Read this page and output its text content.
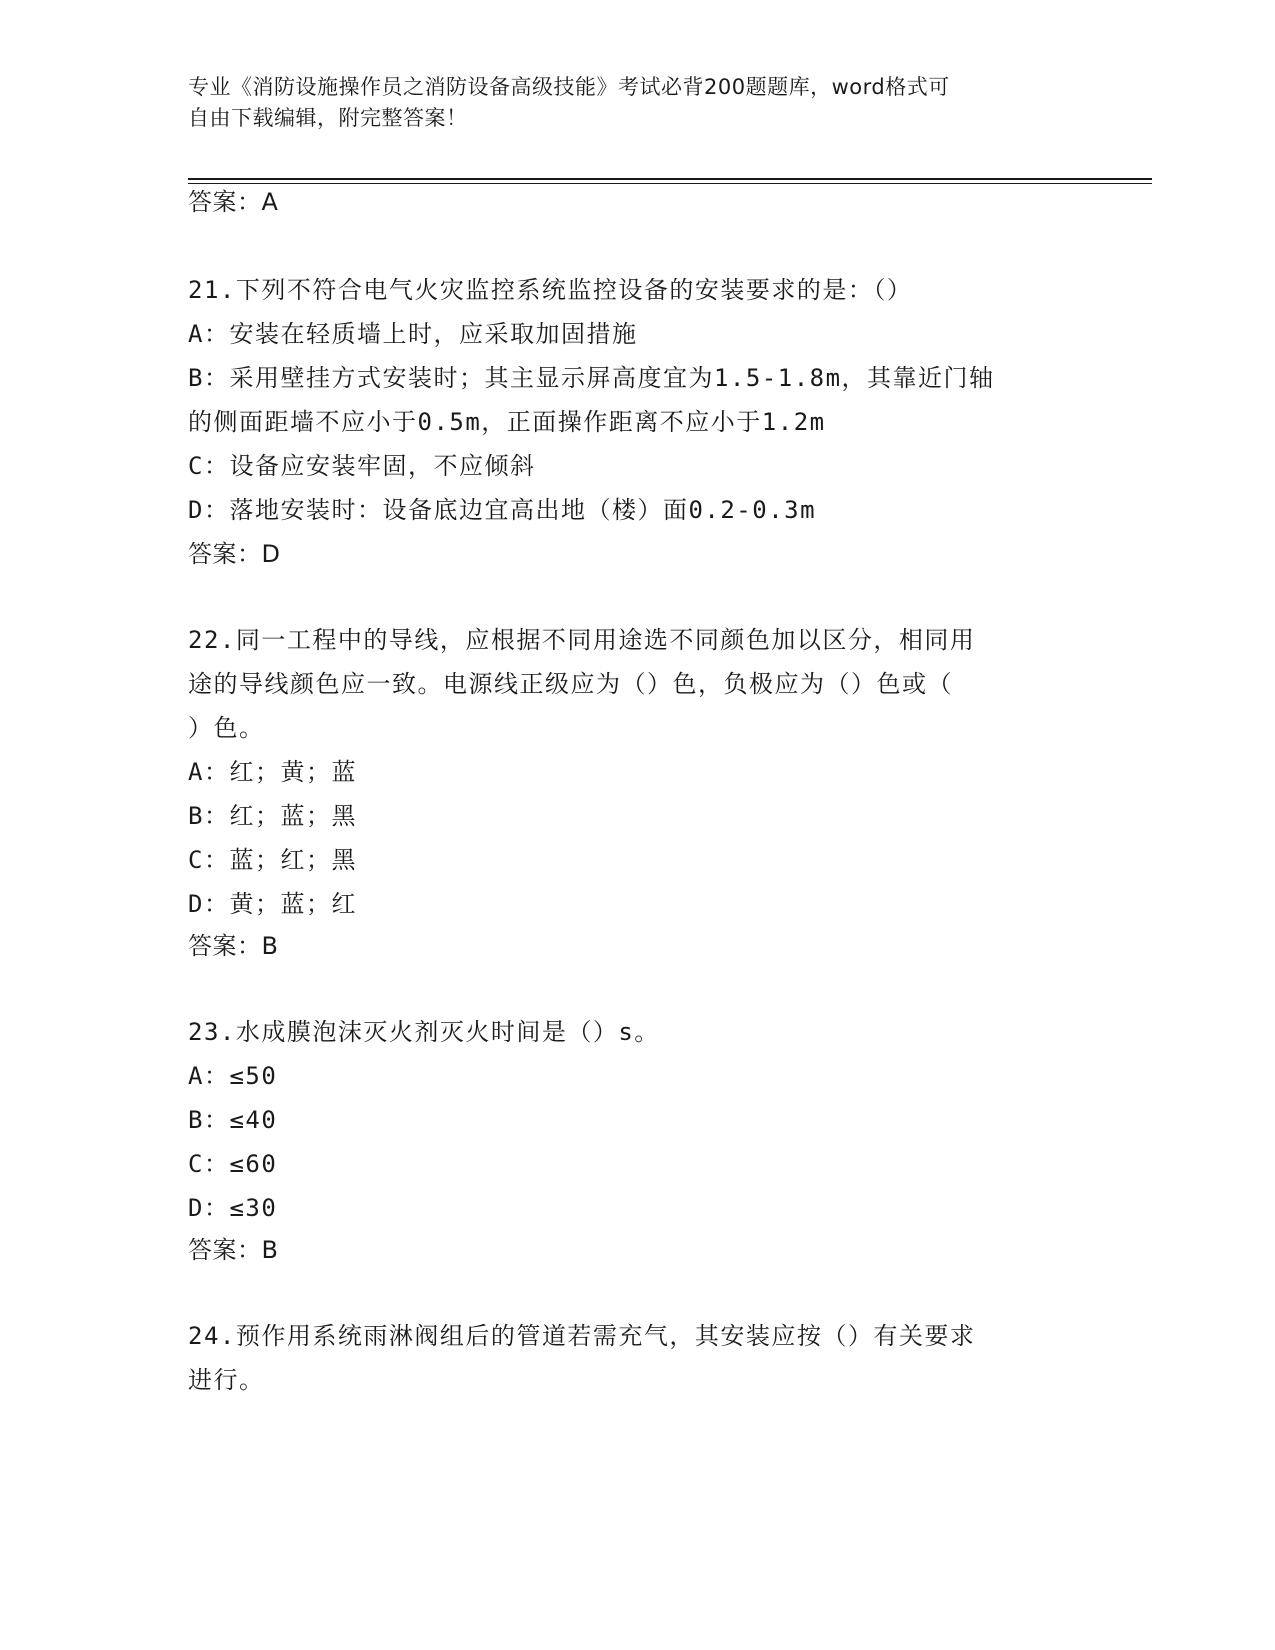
专业《消防设施操作员之消防设备高级技能》考试必背200题题库，word格式可
自由下载编辑，附完整答案！
答案：A
21.下列不符合电气火灾监控系统监控设备的安装要求的是：（）
A：安装在轻质墙上时，应采取加固措施
B：采用壁挂方式安装时；其主显示屏高度宜为1.5-1.8m，其靠近门轴
的侧面距墙不应小于0.5m，正面操作距离不应小于1.2m
C：设备应安装牢固，不应倾斜
D：落地安装时：设备底边宜高出地（楼）面0.2-0.3m
答案：D
22.同一工程中的导线，应根据不同用途选不同颜色加以区分，相同用
途的导线颜色应一致。电源线正级应为（）色，负极应为（）色或（
）色。
A：红；黄；蓝
B：红；蓝；黑
C：蓝；红；黑
D：黄；蓝；红
答案：B
23.水成膜泡沫灭火剂灭火时间是（）s。
A：≤50
B：≤40
C：≤60
D：≤30
答案：B
24.预作用系统雨淋阀组后的管道若需充气，其安装应按（）有关要求
进行。
